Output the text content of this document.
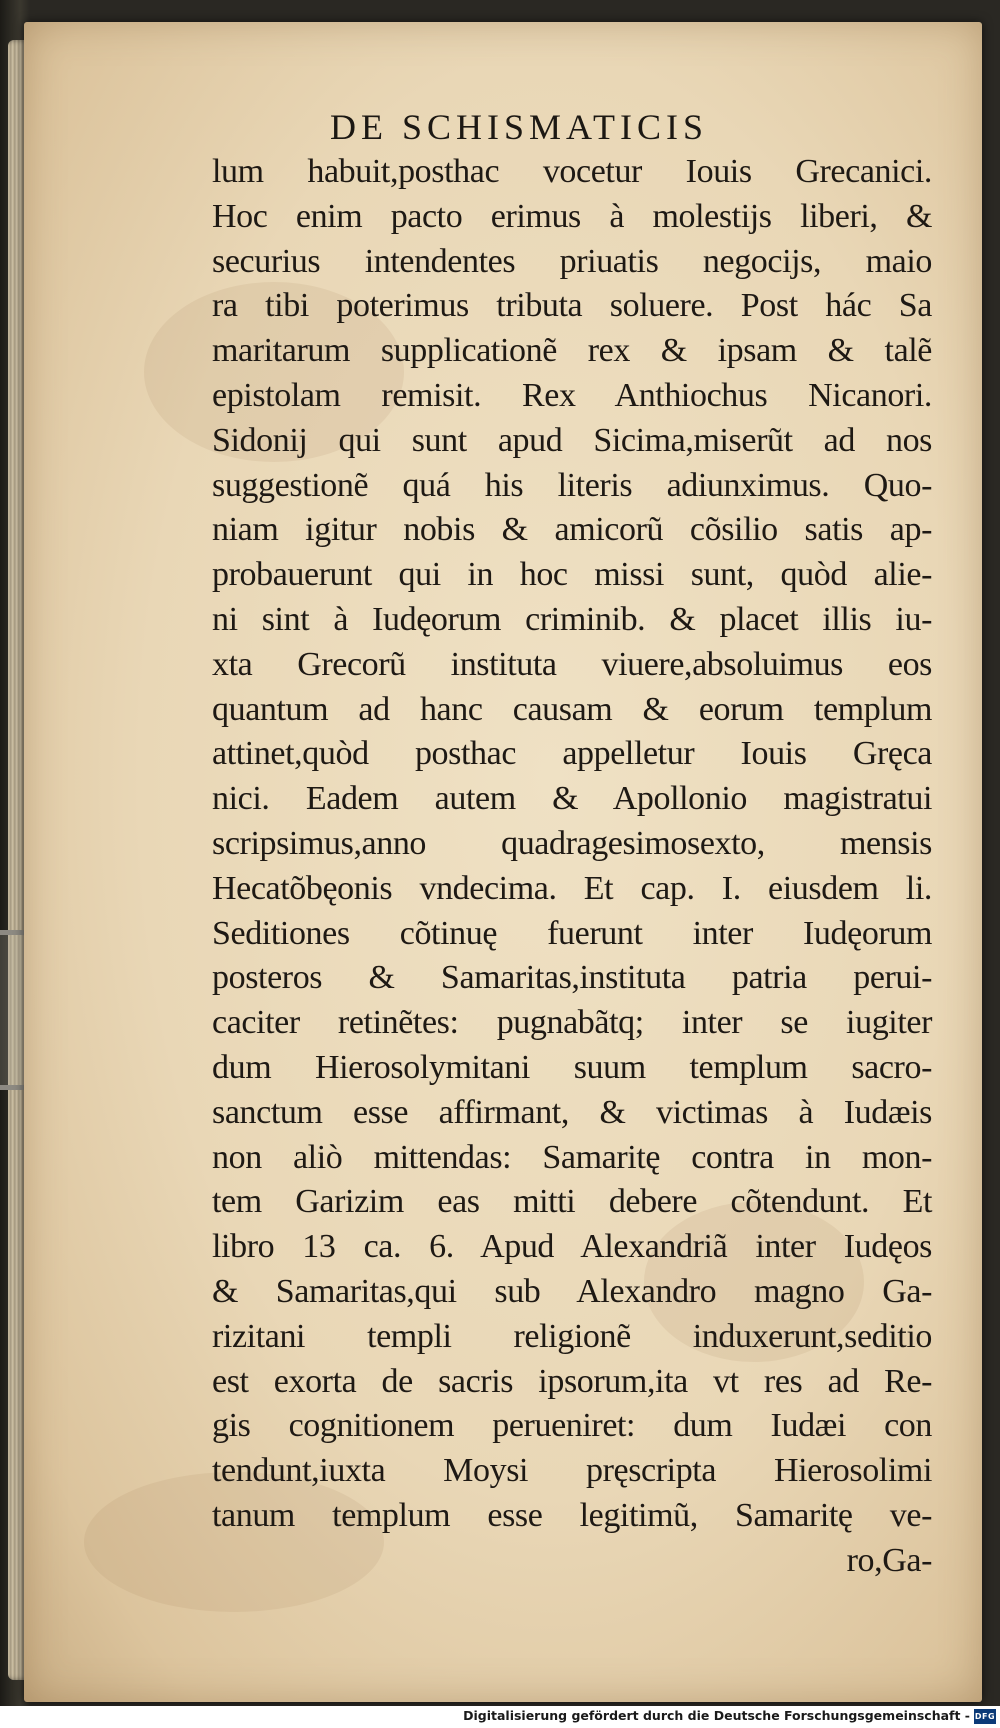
DE SCHISMATICIS
lum habuit,posthac vocetur Iouis Grecanici.
Hoc enim pacto erimus à molestijs liberi, &
securius intendentes priuatis negocijs, maio
ra tibi poterimus tributa soluere. Post hác Sa
maritarum supplicationẽ rex & ipsam & talẽ
epistolam remisit. Rex Anthiochus Nicanori.
Sidonij qui sunt apud Sicima,miserũt ad nos
suggestionẽ quá his literis adiunximus. Quo-
niam igitur nobis & amicorũ cõsilio satis ap-
probauerunt qui in hoc missi sunt, quòd alie-
ni sint à Iudęorum criminib. & placet illis iu-
xta Grecorũ instituta viuere,absoluimus eos
quantum ad hanc causam & eorum templum
attinet,quòd posthac appelletur Iouis Gręca
nici. Eadem autem & Apollonio magistratui
scripsimus,anno quadragesimosexto, mensis
Hecatõbęonis vndecima. Et cap. I. eiusdem li.
Seditiones cõtinuę fuerunt inter Iudęorum
posteros & Samaritas,instituta patria perui-
caciter retinẽtes: pugnabãtq; inter se iugiter
dum Hierosolymitani suum templum sacro-
sanctum esse affirmant, & victimas à Iudæis
non aliò mittendas: Samaritę contra in mon-
tem Garizim eas mitti debere cõtendunt. Et
libro 13 ca. 6. Apud Alexandriã inter Iudęos
& Samaritas,qui sub Alexandro magno Ga-
rizitani templi religionẽ induxerunt,seditio
est exorta de sacris ipsorum,ita vt res ad Re-
gis cognitionem perueniret: dum Iudæi con
tendunt,iuxta Moysi pręscripta Hierosolimi
tanum templum esse legitimũ, Samaritę ve-
ro,Ga-
Digitalisierung gefördert durch die Deutsche Forschungsgemeinschaft - DFG
